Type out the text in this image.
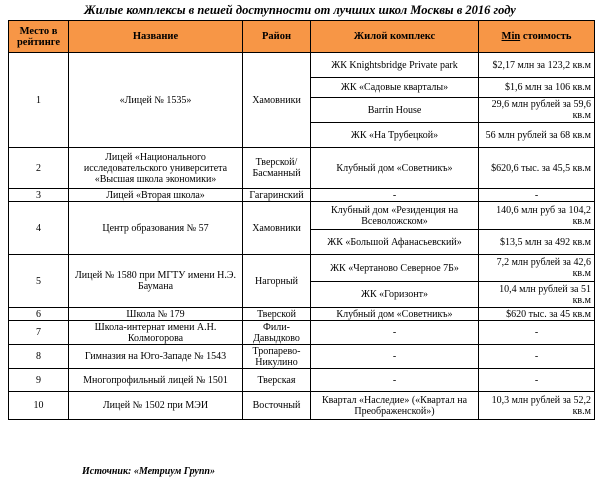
Жилые комплексы в пешей доступности от лучших школ Москвы в 2016 году
Место в рейтинге	Название	Район	Жилой комплекс	Min стоимость
1	«Лицей № 1535»	Хамовники	ЖК Knightsbridge Private park	$2,17 млн за 123,2 кв.м
			ЖК «Садовые кварталы»	$1,6 млн за 106 кв.м
			Barrin House	29,6 млн рублей за 59,6 кв.м
			ЖК «На Трубецкой»	56 млн рублей за 68 кв.м
2	Лицей «Национального исследовательского университета «Высшая школа экономики»	Тверской/ Басманный	Клубный дом «Советникъ»	$620,6 тыс. за 45,5 кв.м
3	Лицей «Вторая школа»	Гагаринский	-	-
4	Центр образования № 57	Хамовники	Клубный дом «Резиденция на Всеволожском»	140,6 млн руб за 104,2 кв.м
			ЖК «Большой Афанасьевский»	$13,5 млн за 492 кв.м
5	Лицей № 1580 при МГТУ имени Н.Э. Баумана	Нагорный	ЖК «Чертаново Северное 7Б»	7,2 млн рублей за 42,6 кв.м
			ЖК «Горизонт»	10,4 млн рублей за 51 кв.м
6	Школа № 179	Тверской	Клубный дом «Советникъ»	$620 тыс. за 45 кв.м
7	Школа-интернат имени А.Н. Колмогорова	Фили-Давыдково	-	-
8	Гимназия на Юго-Западе № 1543	Тропарево-Никулино	-	-
9	Многопрофильный лицей № 1501	Тверская	-	-
10	Лицей № 1502 при МЭИ	Восточный	Квартал «Наследие» («Квартал на Преображенской»)	10,3 млн рублей за 52,2 кв.м
Источник: «Метриум Групп»
